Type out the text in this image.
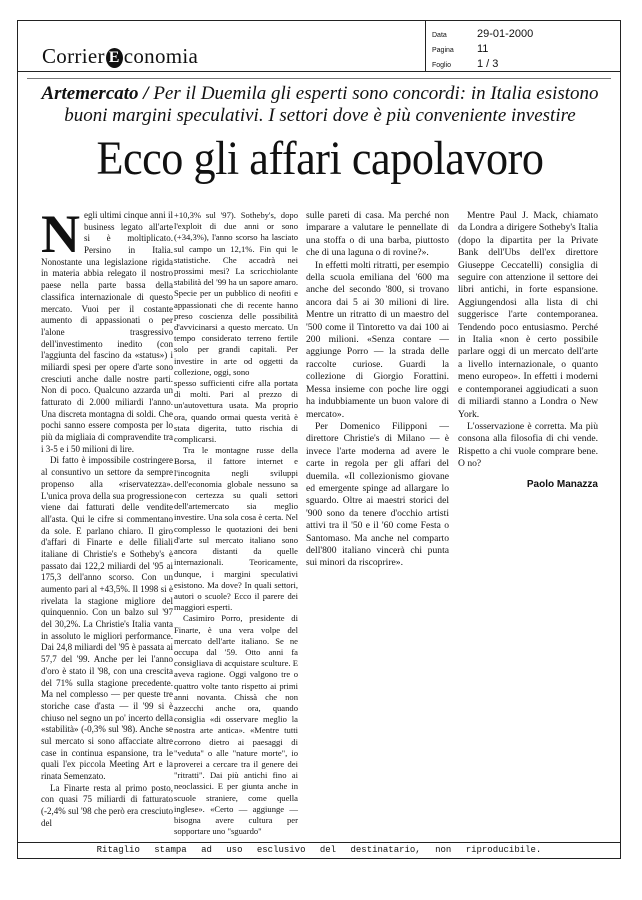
Corrier E conomia
Data	29-01-2000
Pagina 11
Foglio 1 / 3
Artemercato / Per il Duemila gli esperti sono concordi: in Italia esistono buoni margini speculativi. I settori dove è più conveniente investire
Ecco gli affari capolavoro

Negli ultimi cinque anni il business legato all'arte si è moltiplicato. Persino in Italia. Nonostante una legislazione rigida in materia abbia relegato il nostro paese nella parte bassa della classifica internazionale di questo mercato. Vuoi per il costante aumento di appassionati o per l'alone trasgressivo dell'investimento inedito (con l'aggiunta del fascino da «status») i miliardi spesi per opere d'arte sono cresciuti anche dalle nostre parti. Non di poco. Qualcuno azzarda un fatturato di 2.000 miliardi l'anno. Una discreta montagna di soldi. Che pochi sanno essere composta per lo più da migliaia di compravendite tra i 3-5 e i 50 milioni di lire.

Di fatto è impossibile costringere al consuntivo un settore da sempre propenso alla «riservatezza». L'unica prova della sua progressione viene dai fatturati delle vendite all'asta. Qui le cifre si commentano da sole. E parlano chiaro. Il giro d'affari di Finarte e delle filiali italiane di Christie's e Sotheby's è passato dai 122,2 miliardi del '95 ai 175,3 dell'anno scorso. Con un aumento pari al +43,5%. Il 1998 si è rivelata la stagione migliore del quinquennio. Con un balzo sul '97 del 30,2%. La Christie's Italia vanta in assoluto le migliori performance. Dai 24,8 miliardi del '95 è passata ai 57,7 del '99. Anche per lei l'anno d'oro è stato il '98, con una crescita del 71% sulla stagione precedente. Ma nel complesso — per queste tre storiche case d'asta — il '99 si è chiuso nel segno un po' incerto della «stabilità» (-0,3% sul '98). Anche se sul mercato si sono affacciate altre case in continua espansione, tra le quali l'ex piccola Meeting Art e la rinata Semenzato.

La Finarte resta al primo posto, con quasi 75 miliardi di fatturato (-2,4% sul '98 che però era cresciuto del

+10,3% sul '97). Sotheby's, dopo l'exploit di due anni or sono (+34,3%), l'anno scorso ha lasciato sul campo un 12,1%. Fin qui le statistiche. Che accadrà nei prossimi mesi? La scricchiolante stabilità del '99 ha un sapore amaro. Specie per un pubblico di neofiti e appassionati che di recente hanno preso coscienza delle possibilità d'avvicinarsi a questo mercato. Un tempo considerato terreno fertile solo per grandi capitali. Per investire in arte od oggetti da collezione, oggi, sono

spesso sufficienti cifre alla portata di molti. Pari al prezzo di un'autovettura usata. Ma proprio ora, quando ormai questa verità è stata digerita, tutto rischia di complicarsi.

Tra le montagne russe della Borsa, il fattore internet e l'incognita negli sviluppi dell'economia globale nessuno sa con certezza su quali settori dell'artemercato sia meglio investire. Una sola cosa è certa. Nel complesso le quotazioni dei beni d'arte sul mercato italiano sono ancora distanti da quelle internazionali. Teoricamente, dunque, i margini speculativi esistono. Ma dove? In quali settori, autori o scuole? Ecco il parere dei maggiori esperti.

Casimiro Porro, presidente di Finarte, è una vera volpe del mercato dell'arte italiano. Se ne occupa dal '59. Otto anni fa consigliava di acquistare sculture. E aveva ragione. Oggi valgono tre o quattro volte tanto rispetto ai primi anni novanta. Chissà che non azzecchi anche ora, quando consiglia «di osservare meglio la nostra arte antica». «Mentre tutti corrono dietro ai paesaggi di "veduta" o alle "nature morte", io proverei a cercare tra il genere dei "ritratti". Dai più antichi fino ai neoclassici. E per giunta anche in scuole straniere, come quella inglese». «Certo — aggiunge — bisogna avere cultura per sopportare uno "sguardo"

sulle pareti di casa. Ma perché non imparare a valutare le pennellate di una stoffa o di una barba, piuttosto che di una laguna o di rovine?».

In effetti molti ritratti, per esempio della scuola emiliana del '600 ma anche del secondo '800, si trovano ancora dai 5 ai 30 milioni di lire. Mentre un ritratto di un maestro del '500 come il Tintoretto va dai 100 ai 200 milioni. «Senza contare — aggiunge Porro — la strada delle raccolte curiose. Guardi la collezione di Giorgio Forattini. Messa insieme con poche lire oggi ha indubbiamente un buon valore di mercato».

Per Domenico Filipponi — direttore Christie's di Milano — è invece l'arte moderna ad avere le carte in regola per gli affari del duemila. «Il collezionismo giovane ed emergente spinge ad allargare lo sguardo. Oltre ai maestri storici del '900 sono da tenere d'occhio artisti attivi tra il '50 e il '60 come Festa o Santomaso. Ma anche nel comparto dell'800 italiano vincerà chi punta sui minori da riscoprire».

Mentre Paul J. Mack, chiamato da Londra a dirigere Sotheby's Italia (dopo la dipartita per la Private Bank dell'Ubs dell'ex direttore Giuseppe Ceccatelli) consiglia di seguire con attenzione il settore dei libri antichi, in forte espansione. Aggiungendosi alla lista di chi suggerisce l'arte contemporanea. Tendendo poco entusiasmo. Perché in Italia «non è certo possibile parlare oggi di un mercato dell'arte a livello internazionale, o quanto meno europeo». In effetti i moderni e contemporanei aggiudicati a suon di miliardi stanno a Londra o New York.

L'osservazione è corretta. Ma più consona alla filosofia di chi vende. Rispetto a chi vuole comprare bene. O no?

Paolo Manazza
Ritaglio stampa ad uso esclusivo del destinatario, non riproducibile.
